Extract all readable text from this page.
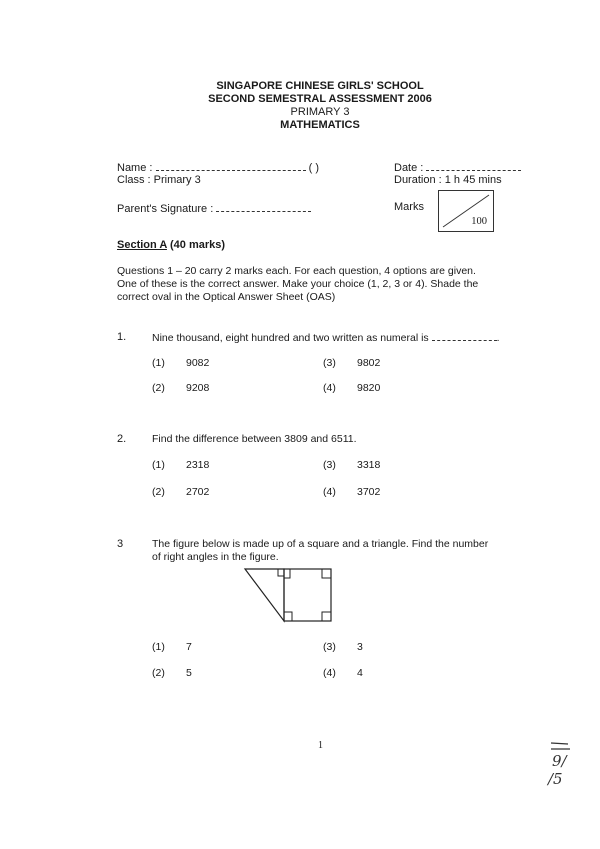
SINGAPORE CHINESE GIRLS' SCHOOL
SECOND SEMESTRAL ASSESSMENT 2006
PRIMARY 3
MATHEMATICS
Name :	( )
Class : Primary 3
Parent's Signature :
Date :
Duration : 1 h 45 mins
Marks
100
Section A (40 marks)
Questions 1 – 20 carry 2 marks each. For each question, 4 options are given.
One of these is the correct answer. Make your choice (1, 2, 3 or 4). Shade the
correct oval in the Optical Answer Sheet (OAS)
1. Nine thousand, eight hundred and two written as numeral is	.
(1) 9082	(3) 9802
(2) 9208	(4) 9820
2. Find the difference between 3809 and 6511.
(1) 2318	(3) 3318
(2) 2702	(4) 3702
3	The figure below is made up of a square and a triangle. Find the number
of right angles in the figure.
(1) 7	(3) 3
(2) 5	(4) 4
1
9/
/5
